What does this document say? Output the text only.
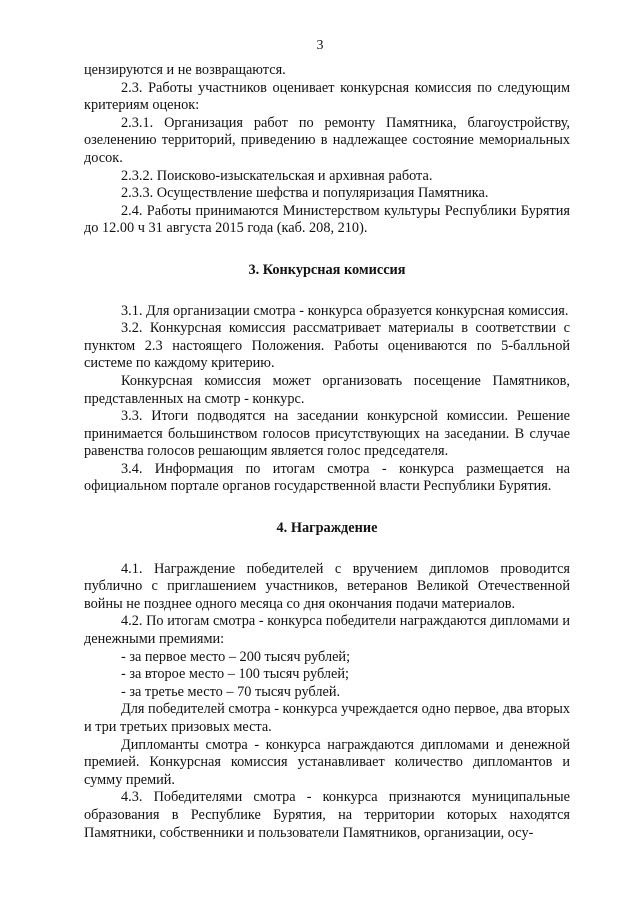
3

цензируются и не возвращаются.

2.3. Работы участников оценивает конкурсная комиссия по следующим критериям оценок:

2.3.1. Организация работ по ремонту Памятника, благоустройству, озеленению территорий, приведению в надлежащее состояние мемориальных досок.

2.3.2. Поисково-изыскательская и архивная работа.

2.3.3. Осуществление шефства и популяризация Памятника.

2.4. Работы принимаются Министерством культуры Республики Бурятия до 12.00 ч 31 августа 2015 года (каб. 208, 210).

3. Конкурсная комиссия

3.1. Для организации смотра - конкурса образуется конкурсная комиссия.

3.2. Конкурсная комиссия рассматривает материалы в соответствии с пунктом 2.3 настоящего Положения. Работы оцениваются по 5-балльной системе по каждому критерию.

Конкурсная комиссия может организовать посещение Памятников, представленных на смотр - конкурс.

3.3. Итоги подводятся на заседании конкурсной комиссии. Решение принимается большинством голосов присутствующих на заседании. В случае равенства голосов решающим является голос председателя.

3.4. Информация по итогам смотра - конкурса размещается на официальном портале органов государственной власти Республики Бурятия.

4. Награждение

4.1. Награждение победителей с вручением дипломов проводится публично с приглашением участников, ветеранов Великой Отечественной войны не позднее одного месяца со дня окончания подачи материалов.

4.2. По итогам смотра - конкурса победители награждаются дипломами и денежными премиями:

- за первое место – 200 тысяч рублей;

- за второе место – 100 тысяч рублей;

- за третье место – 70 тысяч рублей.

Для победителей смотра - конкурса учреждается одно первое, два вторых и три третьих призовых места.

Дипломанты смотра - конкурса награждаются дипломами и денежной премией. Конкурсная комиссия устанавливает количество дипломантов и сумму премий.

4.3. Победителями смотра - конкурса признаются муниципальные образования в Республике Бурятия, на территории которых находятся Памятники, собственники и пользователи Памятников, организации, осу-
